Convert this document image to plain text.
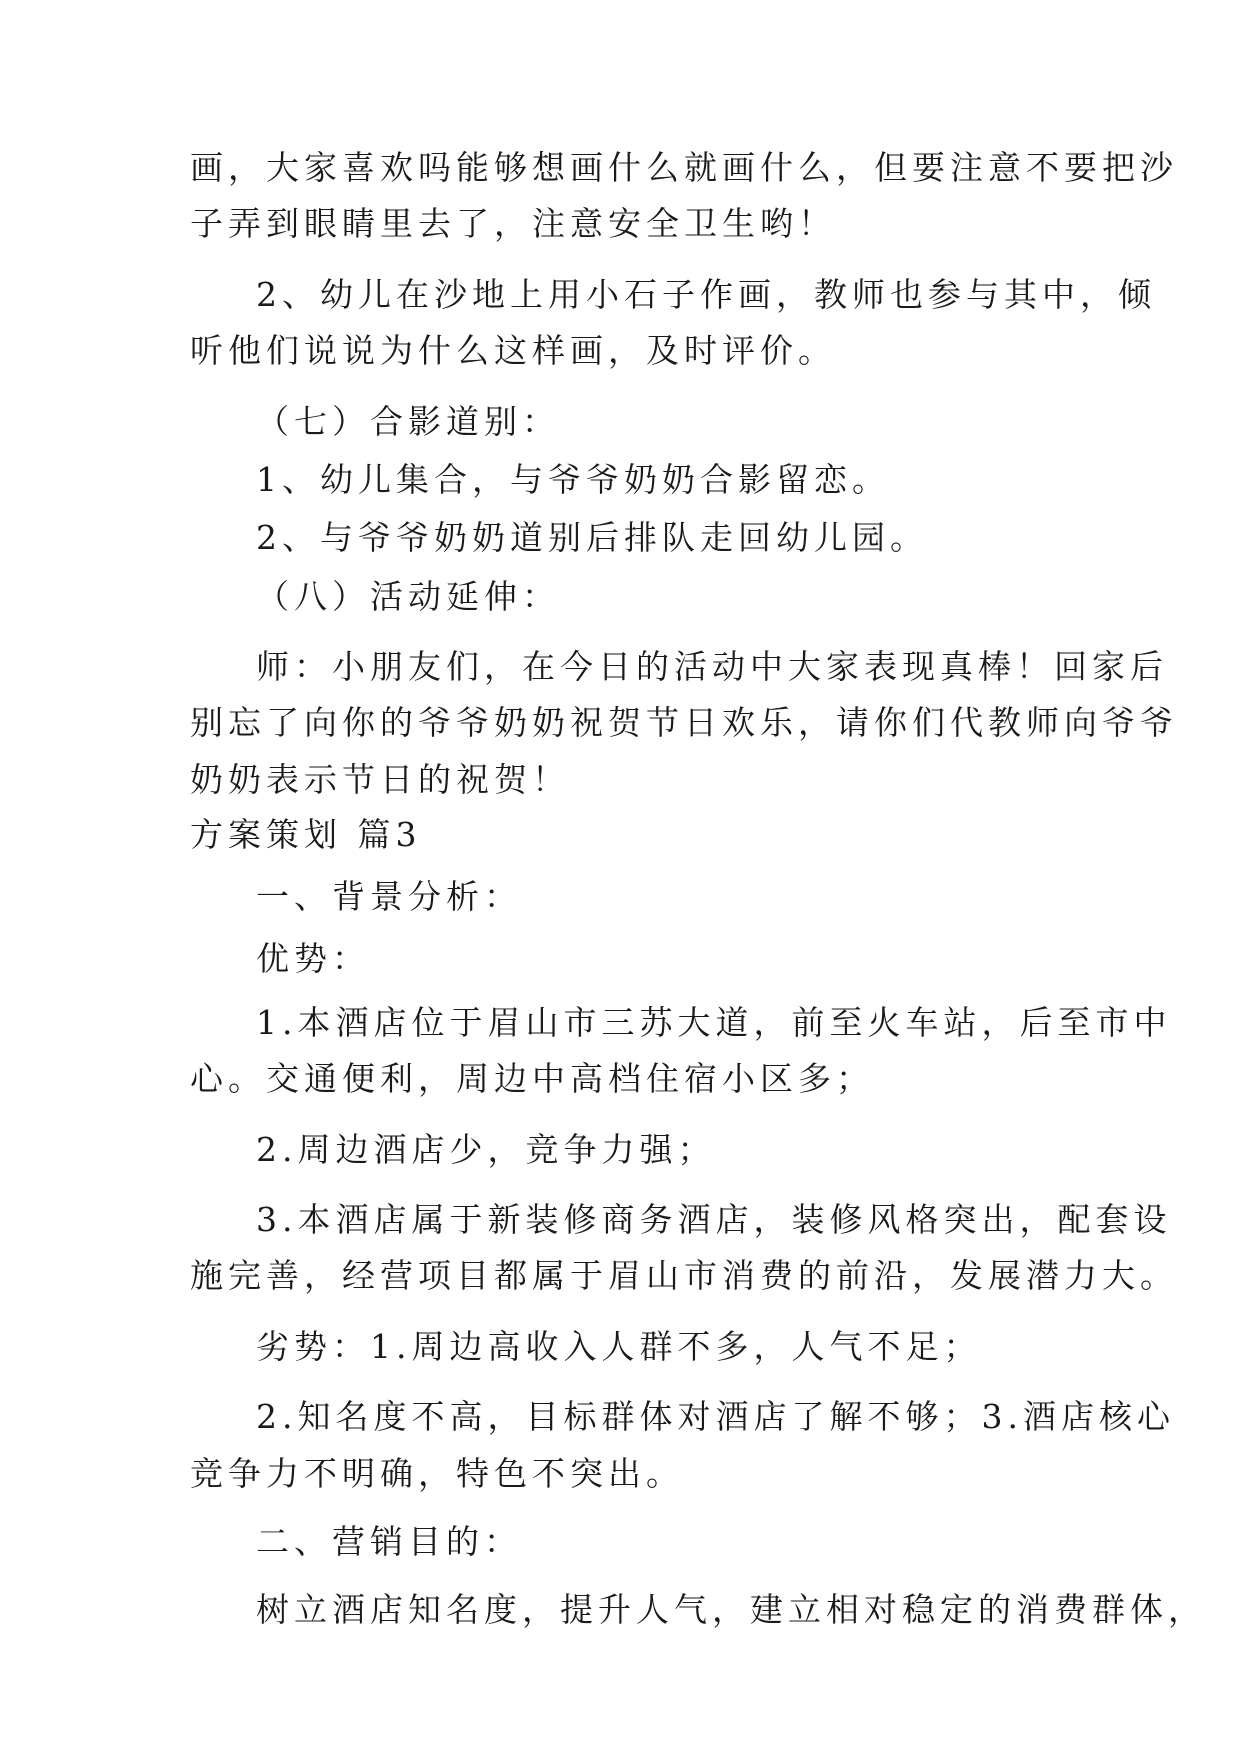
画，大家喜欢吗能够想画什么就画什么，但要注意不要把沙

子弄到眼睛里去了，注意安全卫生哟！

2、幼儿在沙地上用小石子作画，教师也参与其中，倾

听他们说说为什么这样画，及时评价。

（七）合影道别：

1、幼儿集合，与爷爷奶奶合影留恋。

2、与爷爷奶奶道别后排队走回幼儿园。

（八）活动延伸：

师：小朋友们，在今日的活动中大家表现真棒！回家后

别忘了向你的爷爷奶奶祝贺节日欢乐，请你们代教师向爷爷

奶奶表示节日的祝贺！

方案策划 篇3

一、背景分析：

优势：

1.本酒店位于眉山市三苏大道，前至火车站，后至市中

心。交通便利，周边中高档住宿小区多；

2.周边酒店少，竞争力强；

3.本酒店属于新装修商务酒店，装修风格突出，配套设

施完善，经营项目都属于眉山市消费的前沿，发展潜力大。

劣势：1.周边高收入人群不多，人气不足；

2.知名度不高，目标群体对酒店了解不够；3.酒店核心

竞争力不明确，特色不突出。

二、营销目的：

树立酒店知名度，提升人气，建立相对稳定的消费群体，
